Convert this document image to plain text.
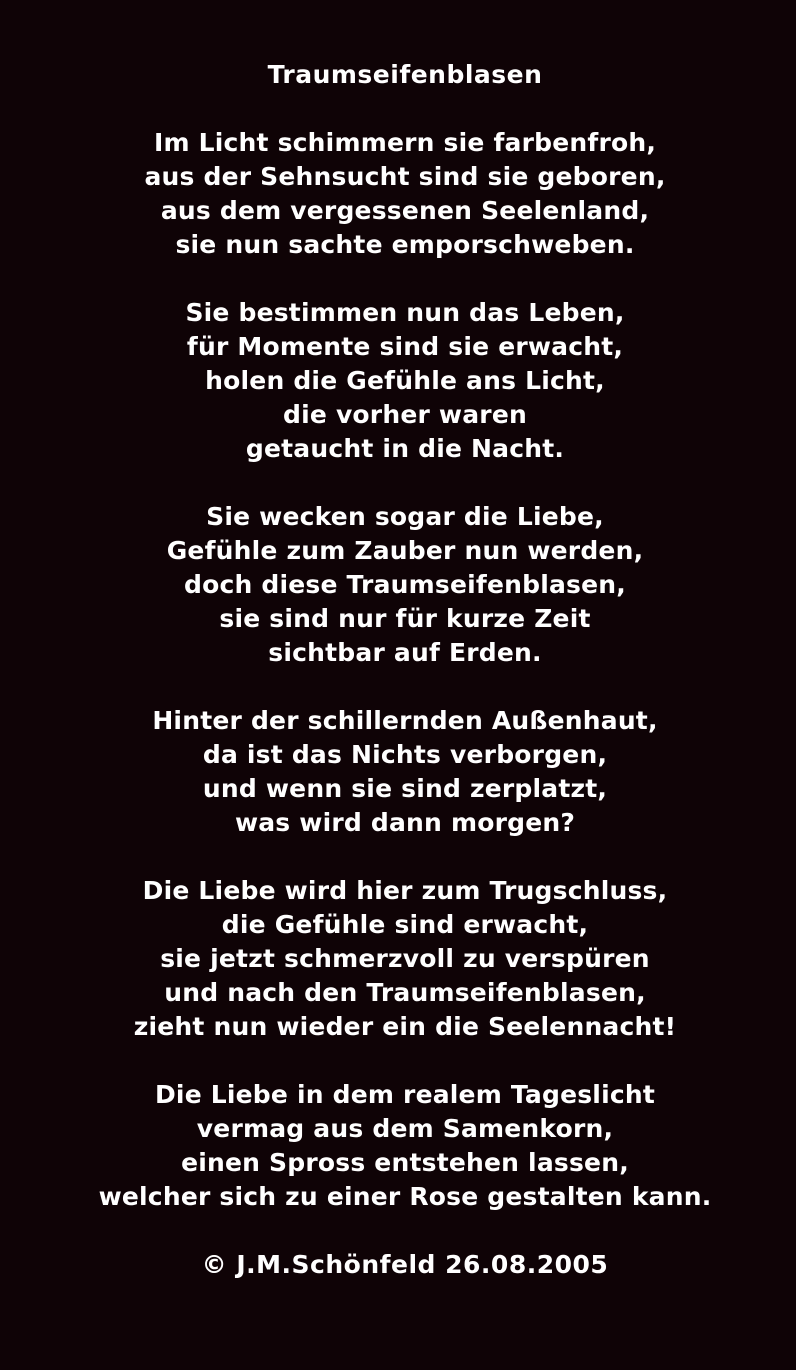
Traumseifenblasen
Im Licht schimmern sie farbenfroh,
aus der Sehnsucht sind sie geboren,
aus dem vergessenen Seelenland,
sie nun sachte emporschweben.
Sie bestimmen nun das Leben,
für Momente sind sie erwacht,
holen die Gefühle ans Licht,
die vorher waren
getaucht in die Nacht.
Sie wecken sogar die Liebe,
Gefühle zum Zauber nun werden,
doch diese Traumseifenblasen,
sie sind nur für kurze Zeit
sichtbar auf Erden.
Hinter der schillernden Außenhaut,
da ist das Nichts verborgen,
und wenn sie sind zerplatzt,
was wird dann morgen?
Die Liebe wird hier zum Trugschluss,
die Gefühle sind erwacht,
sie jetzt schmerzvoll zu verspüren
und nach den Traumseifenblasen,
zieht nun wieder ein die Seelennacht!
Die Liebe in dem realem Tageslicht
vermag aus dem Samenkorn,
einen Spross entstehen lassen,
welcher sich zu einer Rose gestalten kann.
© J.M.Schönfeld 26.08.2005
